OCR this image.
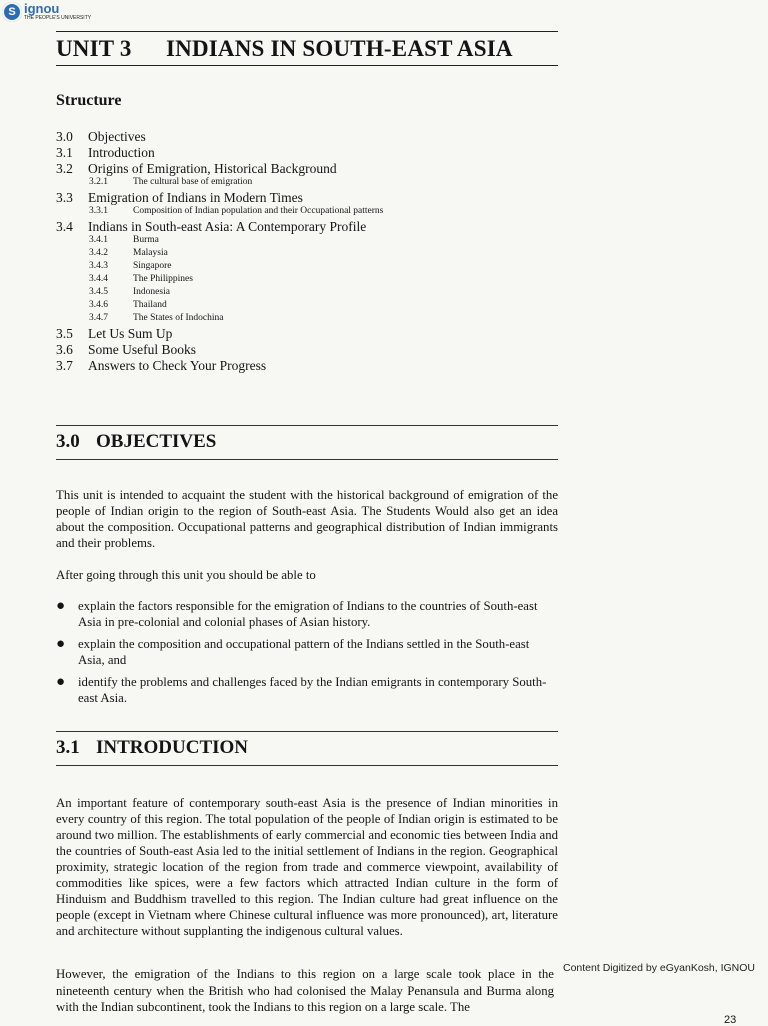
S ignou
THE PEOPLE'S UNIVERSITY
UNIT 3	INDIANS IN SOUTH-EAST ASIA
Structure
3.0	Objectives
3.1	Introduction
3.2	Origins of Emigration, Historical Background
3.2.1	The cultural base of emigration
3.3	Emigration of Indians in Modern Times
3.3.1	Composition of Indian population and their Occupational patterns
3.4	Indians in South-east Asia: A Contemporary Profile
3.4.1	Burma
3.4.2	Malaysia
3.4.3	Singapore
3.4.4	The Philippines
3.4.5	Indonesia
3.4.6	Thailand
3.4.7	The States of Indochina
3.5	Let Us Sum Up
3.6	Some Useful Books
3.7	Answers to Check Your Progress
3.0 OBJECTIVES
This unit is intended to acquaint the student with the historical background of emigration of the people of Indian origin to the region of South-east Asia. The Students Would also get an idea about the composition. Occupational patterns and geographical distribution of Indian immigrants and their problems.
After going through this unit you should be able to
●	explain the factors responsible for the emigration of Indians to the countries of South-east Asia in pre-colonial and colonial phases of Asian history.
●	explain the composition and occupational pattern of the Indians settled in the South-east Asia, and
●	identify the problems and challenges faced by the Indian emigrants in contemporary South-east Asia.
3.1 INTRODUCTION
An important feature of contemporary south-east Asia is the presence of Indian minorities in every country of this region. The total population of the people of Indian origin is estimated to be around two million. The establishments of early commercial and economic ties between India and the countries of South-east Asia led to the initial settlement of Indians in the region. Geographical proximity, strategic location of the region from trade and commerce viewpoint, availability of commodities like spices, were a few factors which attracted Indian culture in the form of Hinduism and Buddhism travelled to this region. The Indian culture had great influence on the people (except in Vietnam where Chinese cultural influence was more pronounced), art, literature and architecture without supplanting the indigenous cultural values.
However, the emigration of the Indians to this region on a large scale took place in the nineteenth century when the British who had colonised the Malay Penansula and Burma along with the Indian subcontinent, took the Indians to this region on a large scale. The
Content Digitized by eGyanKosh, IGNOU
23
